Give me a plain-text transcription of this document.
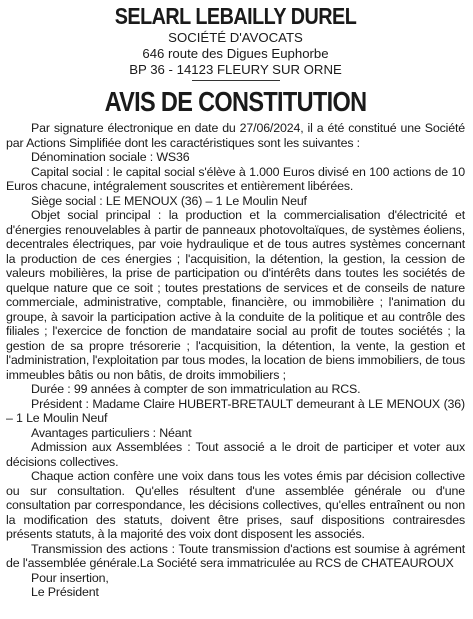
SELARL LEBAILLY DUREL
SOCIÉTÉ D'AVOCATS
646 route des Digues Euphorbe
BP 36 - 14123 FLEURY SUR ORNE
AVIS DE CONSTITUTION

Par signature électronique en date du 27/06/2024, il a été constitué une Société par Actions Simplifiée dont les caractéristiques sont les suivantes :

Dénomination sociale : WS36

Capital social : le capital social s'élève à 1.000 Euros divisé en 100 actions de 10 Euros chacune, intégralement souscrites et entièrement libérées.

Siège social : LE MENOUX (36) – 1 Le Moulin Neuf

Objet social principal : la production et la commercialisation d'électricité et d'énergies renouvelables à partir de panneaux photovoltaïques, de systèmes éoliens, decentrales électriques, par voie hydraulique et de tous autres systèmes concernant la production de ces énergies ; l'acquisition, la détention, la gestion, la cession de valeurs mobilières, la prise de participation ou d'intérêts dans toutes les sociétés de quelque nature que ce soit ; toutes prestations de services et de conseils de nature commerciale, administrative, comptable, financière, ou immobilière ; l'animation du groupe, à savoir la participation active à la conduite de la politique et au contrôle des filiales ; l'exercice de fonction de mandataire social au profit de toutes sociétés ; la gestion de sa propre trésorerie ; l'acquisition, la détention, la vente, la gestion et l'administration, l'exploitation par tous modes, la location de biens immobiliers, de tous immeubles bâtis ou non bâtis, de droits immobiliers ;

Durée : 99 années à compter de son immatriculation au RCS.

Président : Madame Claire HUBERT-BRETAULT demeurant à LE MENOUX (36) – 1 Le Moulin Neuf

Avantages particuliers : Néant

Admission aux Assemblées : Tout associé a le droit de participer et voter aux décisions collectives.

Chaque action confère une voix dans tous les votes émis par décision collective ou sur consultation. Qu'elles résultent d'une assemblée générale ou d'une consultation par correspondance, les décisions collectives, qu'elles entraînent ou non la modification des statuts, doivent être prises, sauf dispositions contrairesdes présents statuts, à la majorité des voix dont disposent les associés.

Transmission des actions : Toute transmission d'actions est soumise à agrément de l'assemblée générale.La Société sera immatriculée au RCS de CHATEAUROUX

Pour insertion,

Le Président
